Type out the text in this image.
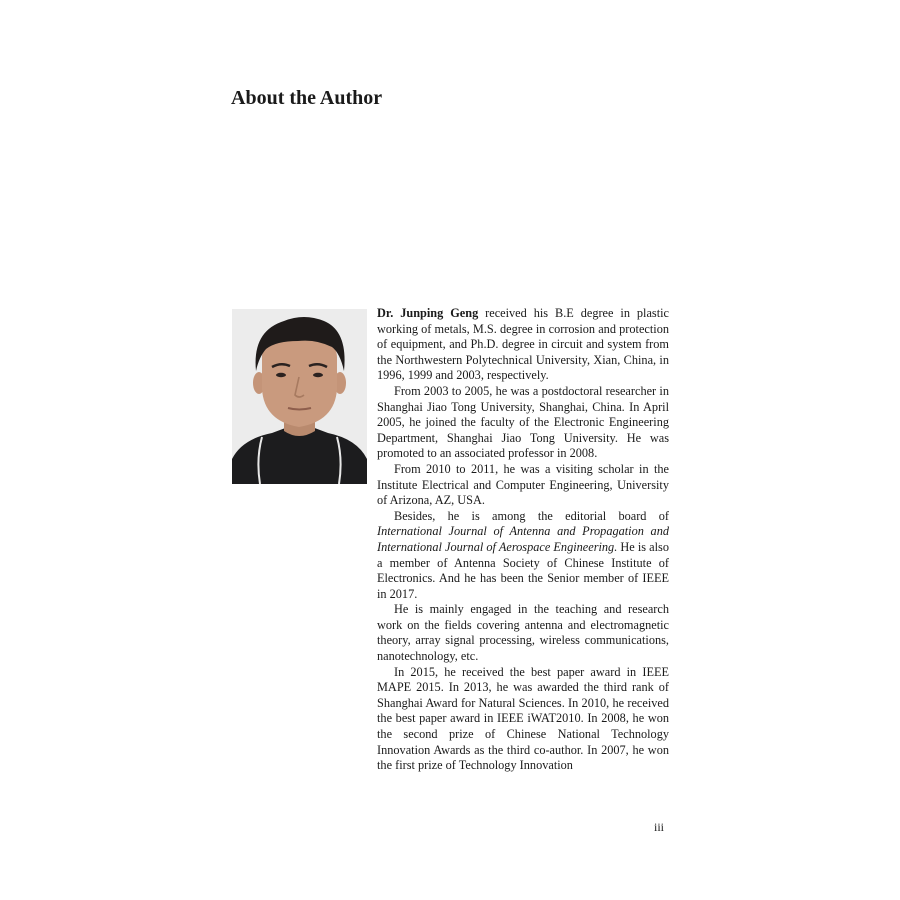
About the Author

Dr. Junping Geng received his B.E degree in plastic working of metals, M.S. degree in corrosion and protection of equipment, and Ph.D. degree in circuit and system from the Northwestern Polytechnical University, Xian, China, in 1996, 1999 and 2003, respectively.

From 2003 to 2005, he was a postdoctoral researcher in Shanghai Jiao Tong University, Shanghai, China. In April 2005, he joined the faculty of the Electronic Engineering Department, Shanghai Jiao Tong University. He was promoted to an associated professor in 2008.

From 2010 to 2011, he was a visiting scholar in the Institute Electrical and Computer Engineering, University of Arizona, AZ, USA.

Besides, he is among the editorial board of International Journal of Antenna and Propagation and International Journal of Aerospace Engineering. He is also a member of Antenna Society of Chinese Institute of Electronics. And he has been the Senior member of IEEE in 2017.

He is mainly engaged in the teaching and research work on the fields covering antenna and electromagnetic theory, array signal processing, wireless communications, nanotechnology, etc.

In 2015, he received the best paper award in IEEE MAPE 2015. In 2013, he was awarded the third rank of Shanghai Award for Natural Sciences. In 2010, he received the best paper award in IEEE iWAT2010. In 2008, he won the second prize of Chinese National Technology Innovation Awards as the third co-author. In 2007, he won the first prize of Technology Innovation

iii
